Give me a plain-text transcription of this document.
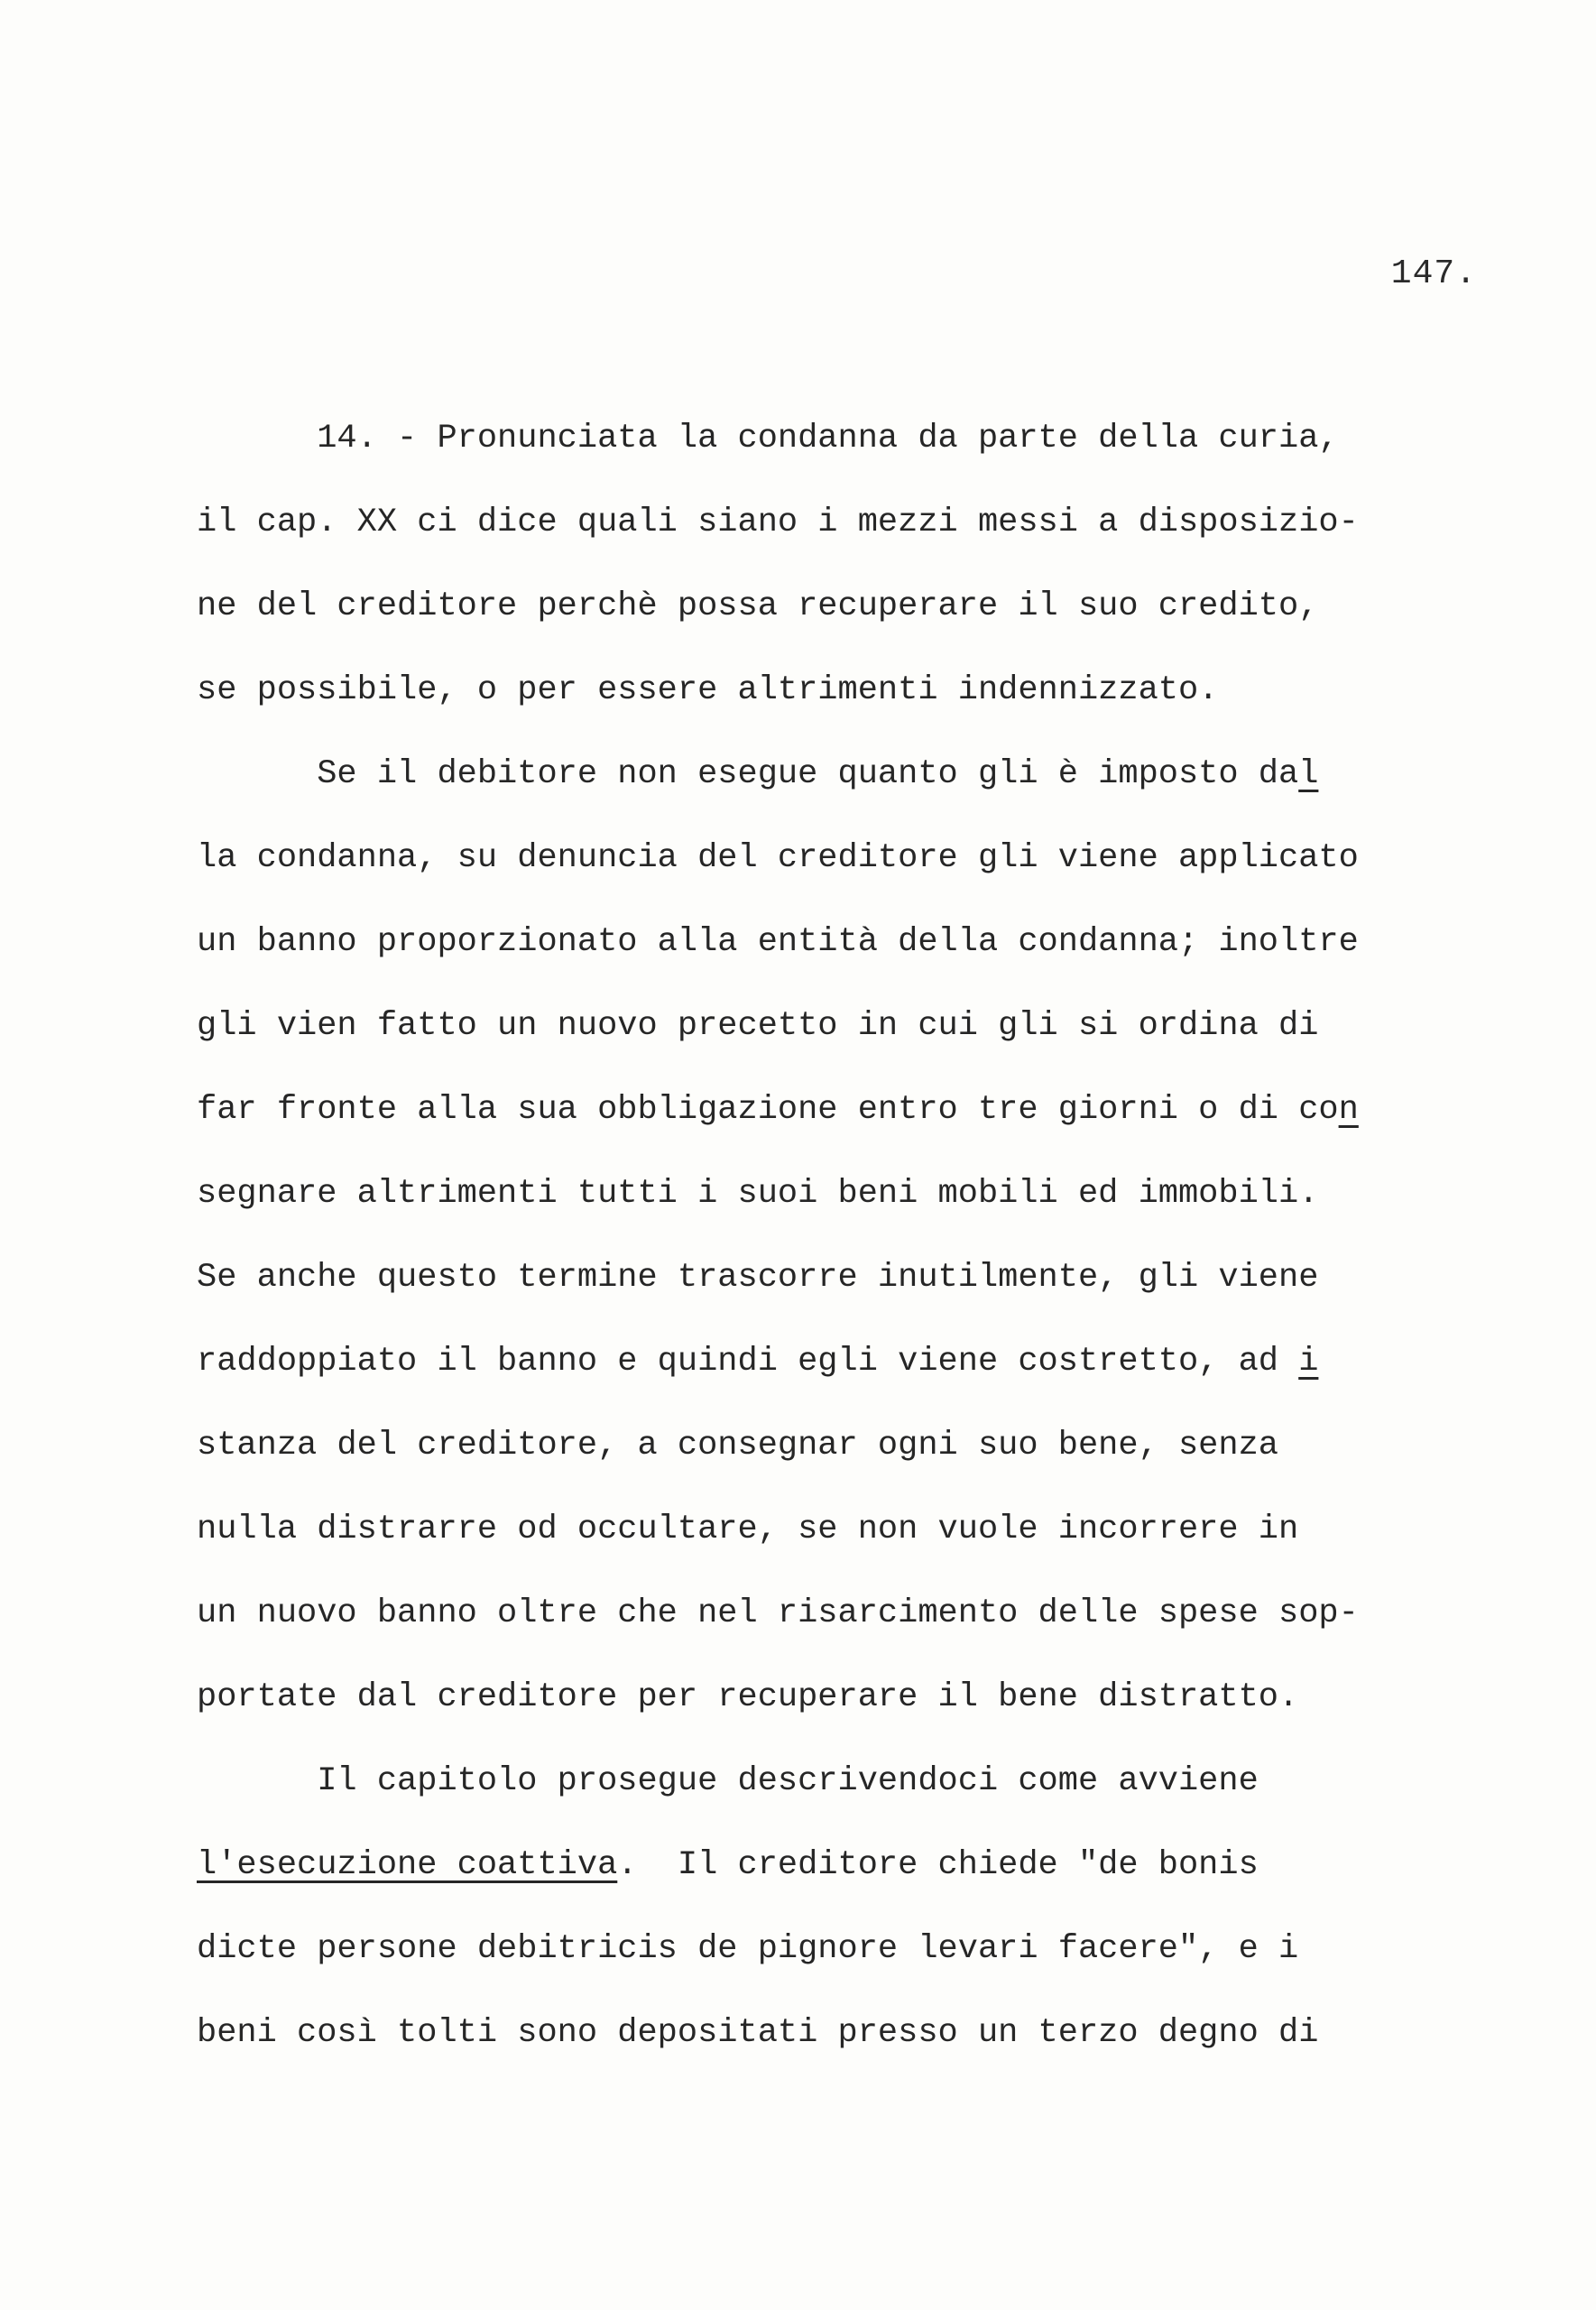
147.
14. - Pronunciata la condanna da parte della curia,
il cap. XX ci dice quali siano i mezzi messi a disposizio-
ne del creditore perchè possa recuperare il suo credito,
se possibile, o per essere altrimenti indennizzato.
Se il debitore non esegue quanto gli è imposto dal
la condanna, su denuncia del creditore gli viene applicato
un banno proporzionato alla entità della condanna; inoltre
gli vien fatto un nuovo precetto in cui gli si ordina di
far fronte alla sua obbligazione entro tre giorni o di con
segnare altrimenti tutti i suoi beni mobili ed immobili.
Se anche questo termine trascorre inutilmente, gli viene
raddoppiato il banno e quindi egli viene costretto, ad i
stanza del creditore, a consegnar ogni suo bene, senza
nulla distrarre od occultare, se non vuole incorrere in
un nuovo banno oltre che nel risarcimento delle spese sop-
portate dal creditore per recuperare il bene distratto.
Il capitolo prosegue descrivendoci come avviene
l'esecuzione coattiva.  Il creditore chiede "de bonis
dicte persone debitricis de pignore levari facere", e i
beni così tolti sono depositati presso un terzo degno di
